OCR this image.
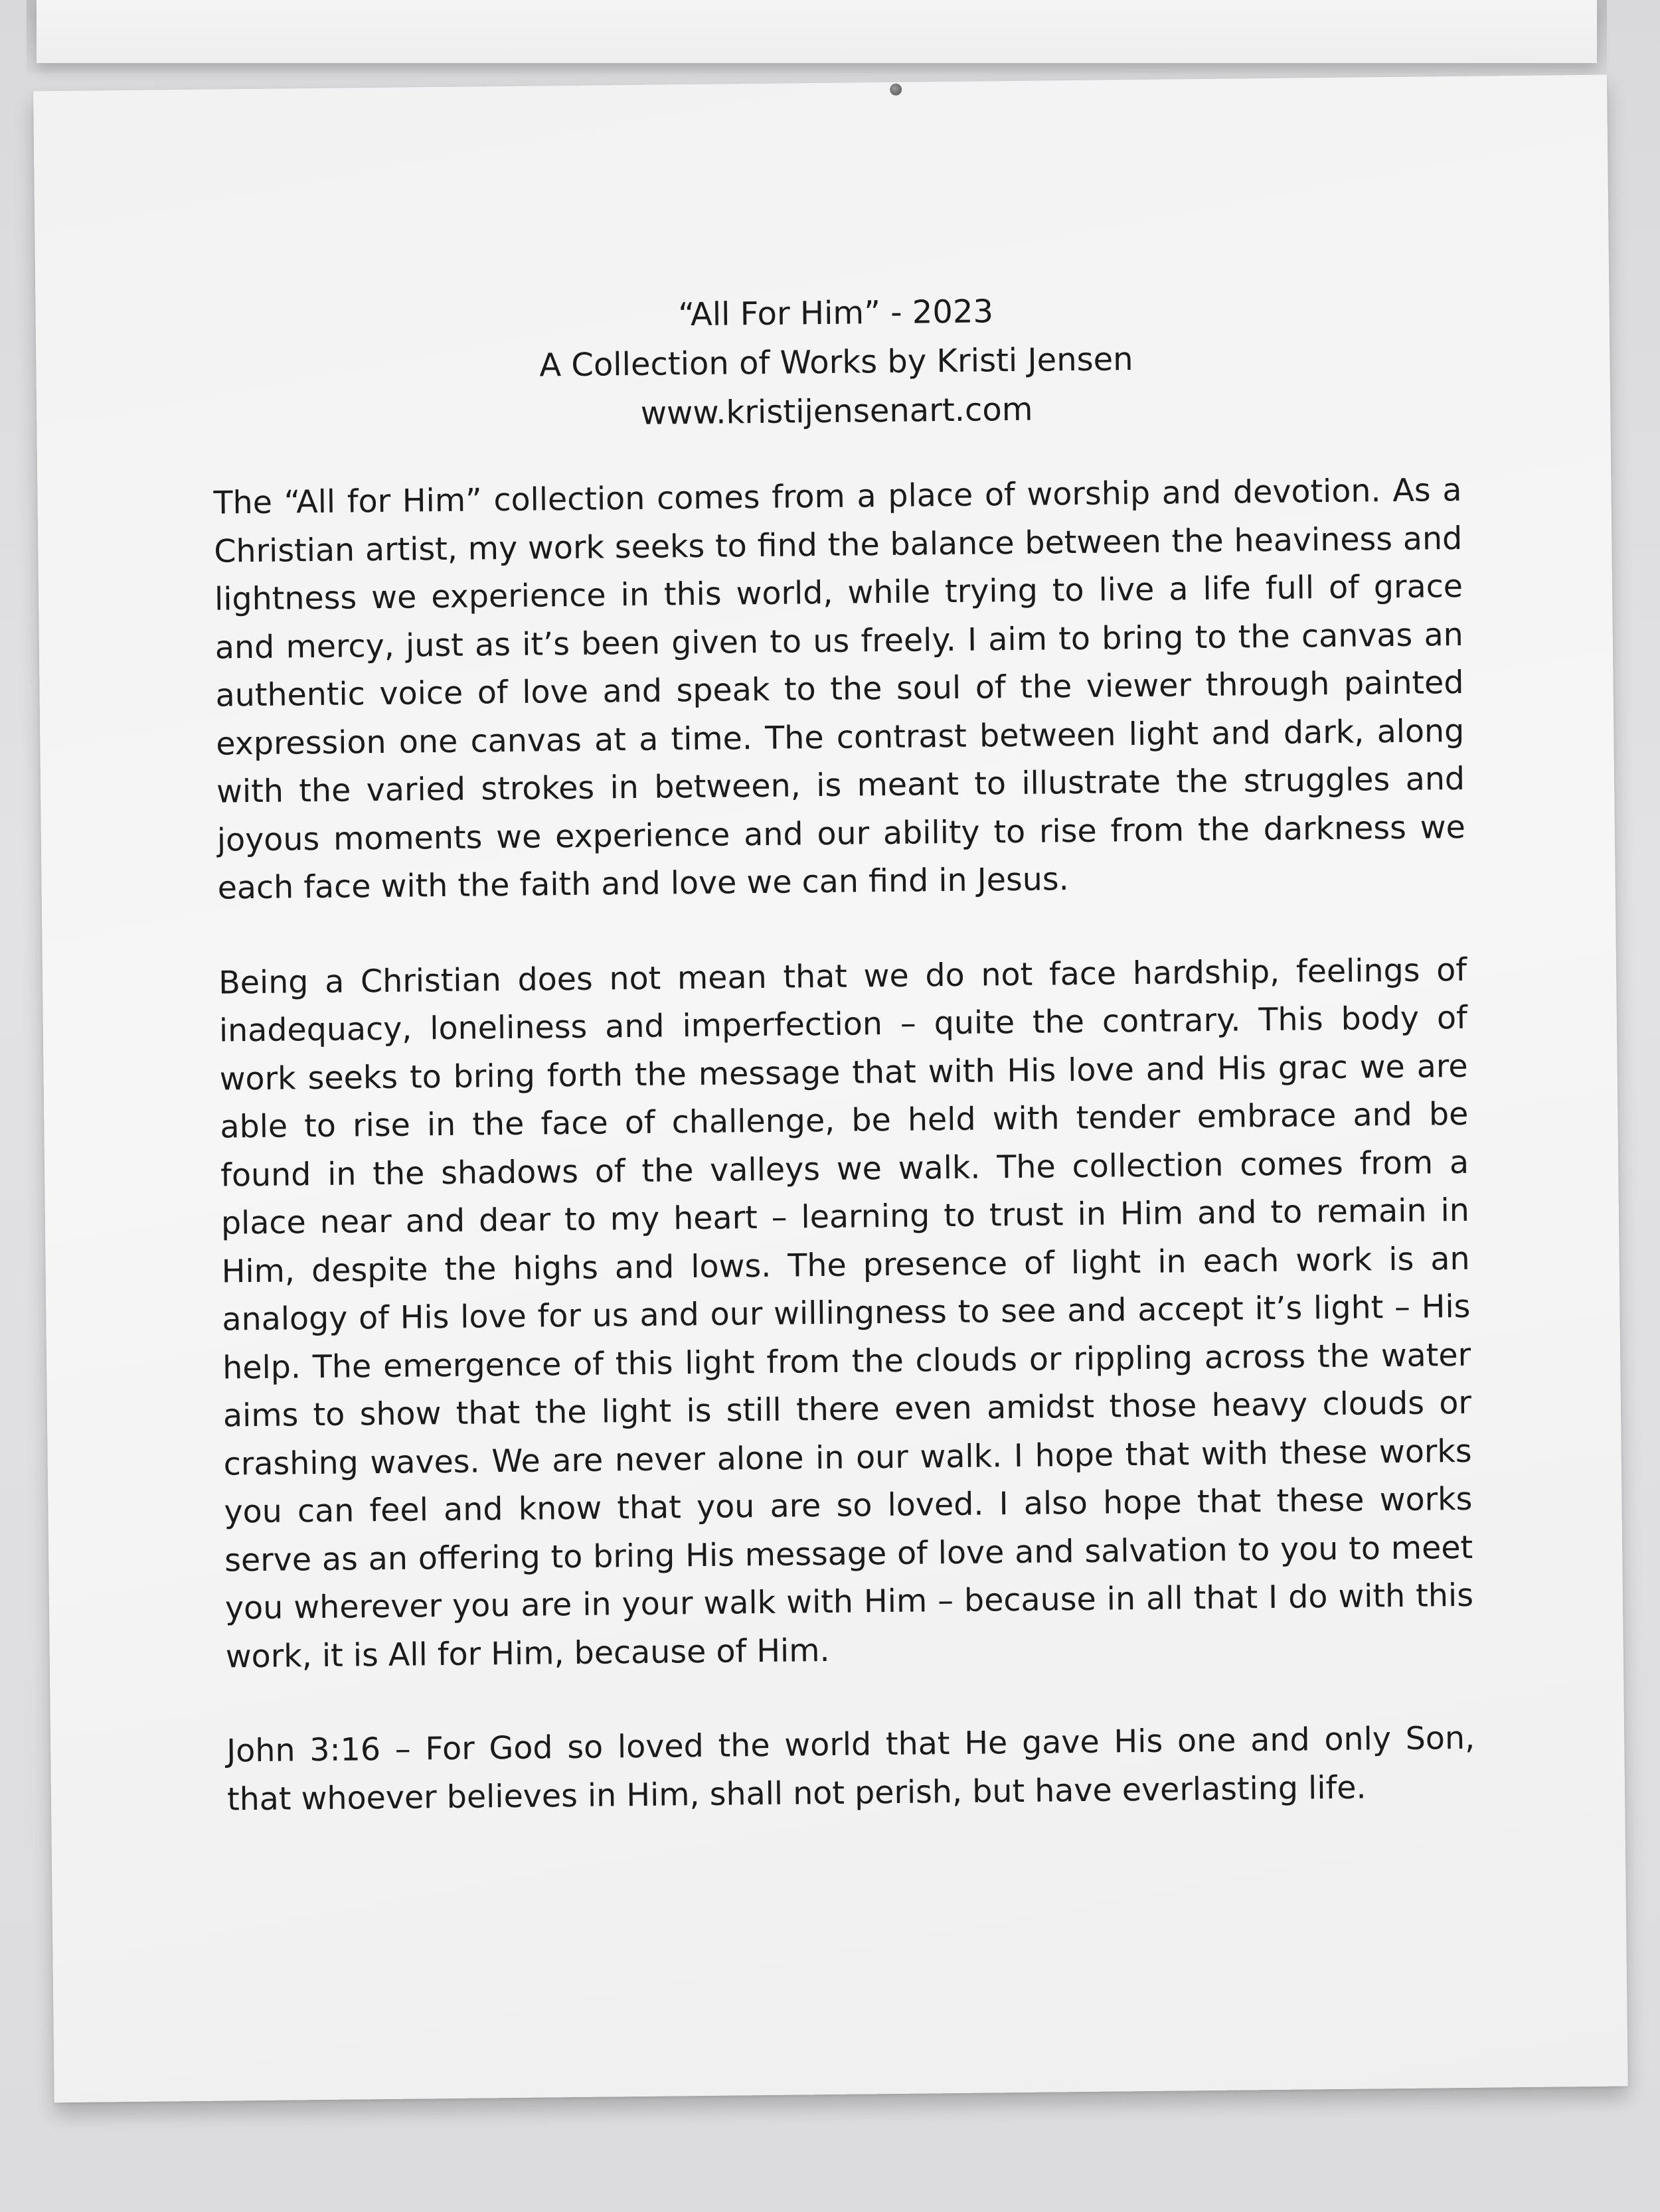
“All For Him” - 2023
A Collection of Works by Kristi Jensen
www.kristijensenart.com

The “All for Him” collection comes from a place of worship and devotion. As a Christian artist, my work seeks to find the balance between the heaviness and lightness we experience in this world, while trying to live a life full of grace and mercy, just as it’s been given to us freely. I aim to bring to the canvas an authentic voice of love and speak to the soul of the viewer through painted expression one canvas at a time. The contrast between light and dark, along with the varied strokes in between, is meant to illustrate the struggles and joyous moments we experience and our ability to rise from the darkness we each face with the faith and love we can find in Jesus.

Being a Christian does not mean that we do not face hardship, feelings of inadequacy, loneliness and imperfection – quite the contrary. This body of work seeks to bring forth the message that with His love and His grac we are able to rise in the face of challenge, be held with tender embrace and be found in the shadows of the valleys we walk. The collection comes from a place near and dear to my heart – learning to trust in Him and to remain in Him, despite the highs and lows. The presence of light in each work is an analogy of His love for us and our willingness to see and accept it’s light – His help. The emergence of this light from the clouds or rippling across the water aims to show that the light is still there even amidst those heavy clouds or crashing waves. We are never alone in our walk. I hope that with these works you can feel and know that you are so loved. I also hope that these works serve as an offering to bring His message of love and salvation to you to meet you wherever you are in your walk with Him – because in all that I do with this work, it is All for Him, because of Him.

John 3:16 – For God so loved the world that He gave His one and only Son, that whoever believes in Him, shall not perish, but have everlasting life.
